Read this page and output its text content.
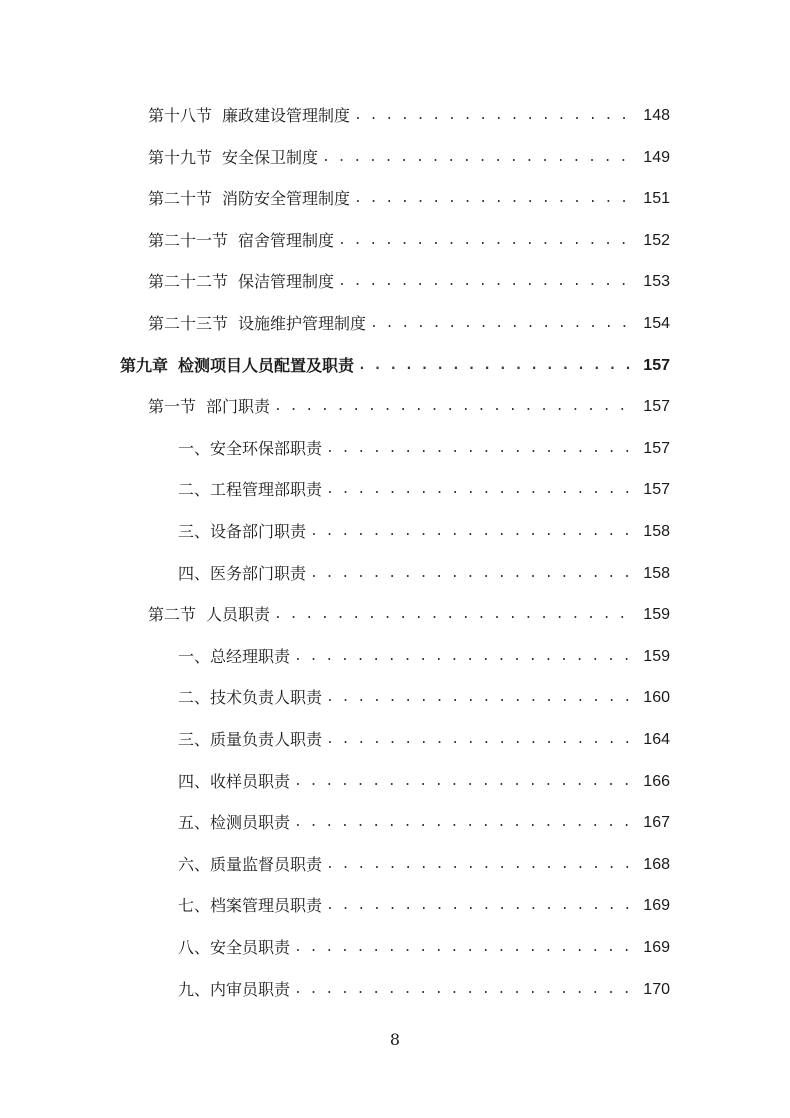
第十八节 廉政建设管理制度 . . .	148
第十九节 安全保卫制度 . . .	149
第二十节 消防安全管理制度 . . .	151
第二十一节 宿舍管理制度 . . .	152
第二十二节 保洁管理制度 . . .	153
第二十三节 设施维护管理制度 . . .	154
第九章 检测项目人员配置及职责 . . .	157
第一节 部门职责 . . .	157
一、安全环保部职责 . . .	157
二、工程管理部职责 . . .	157
三、设备部门职责 . . .	158
四、医务部门职责 . . .	158
第二节 人员职责 . . .	159
一、总经理职责 . . .	159
二、技术负责人职责 . . .	160
三、质量负责人职责 . . .	164
四、收样员职责 . . .	166
五、检测员职责 . . .	167
六、质量监督员职责 . . .	168
七、档案管理员职责 . . .	169
八、安全员职责 . . .	169
九、内审员职责 . . .	170
8
